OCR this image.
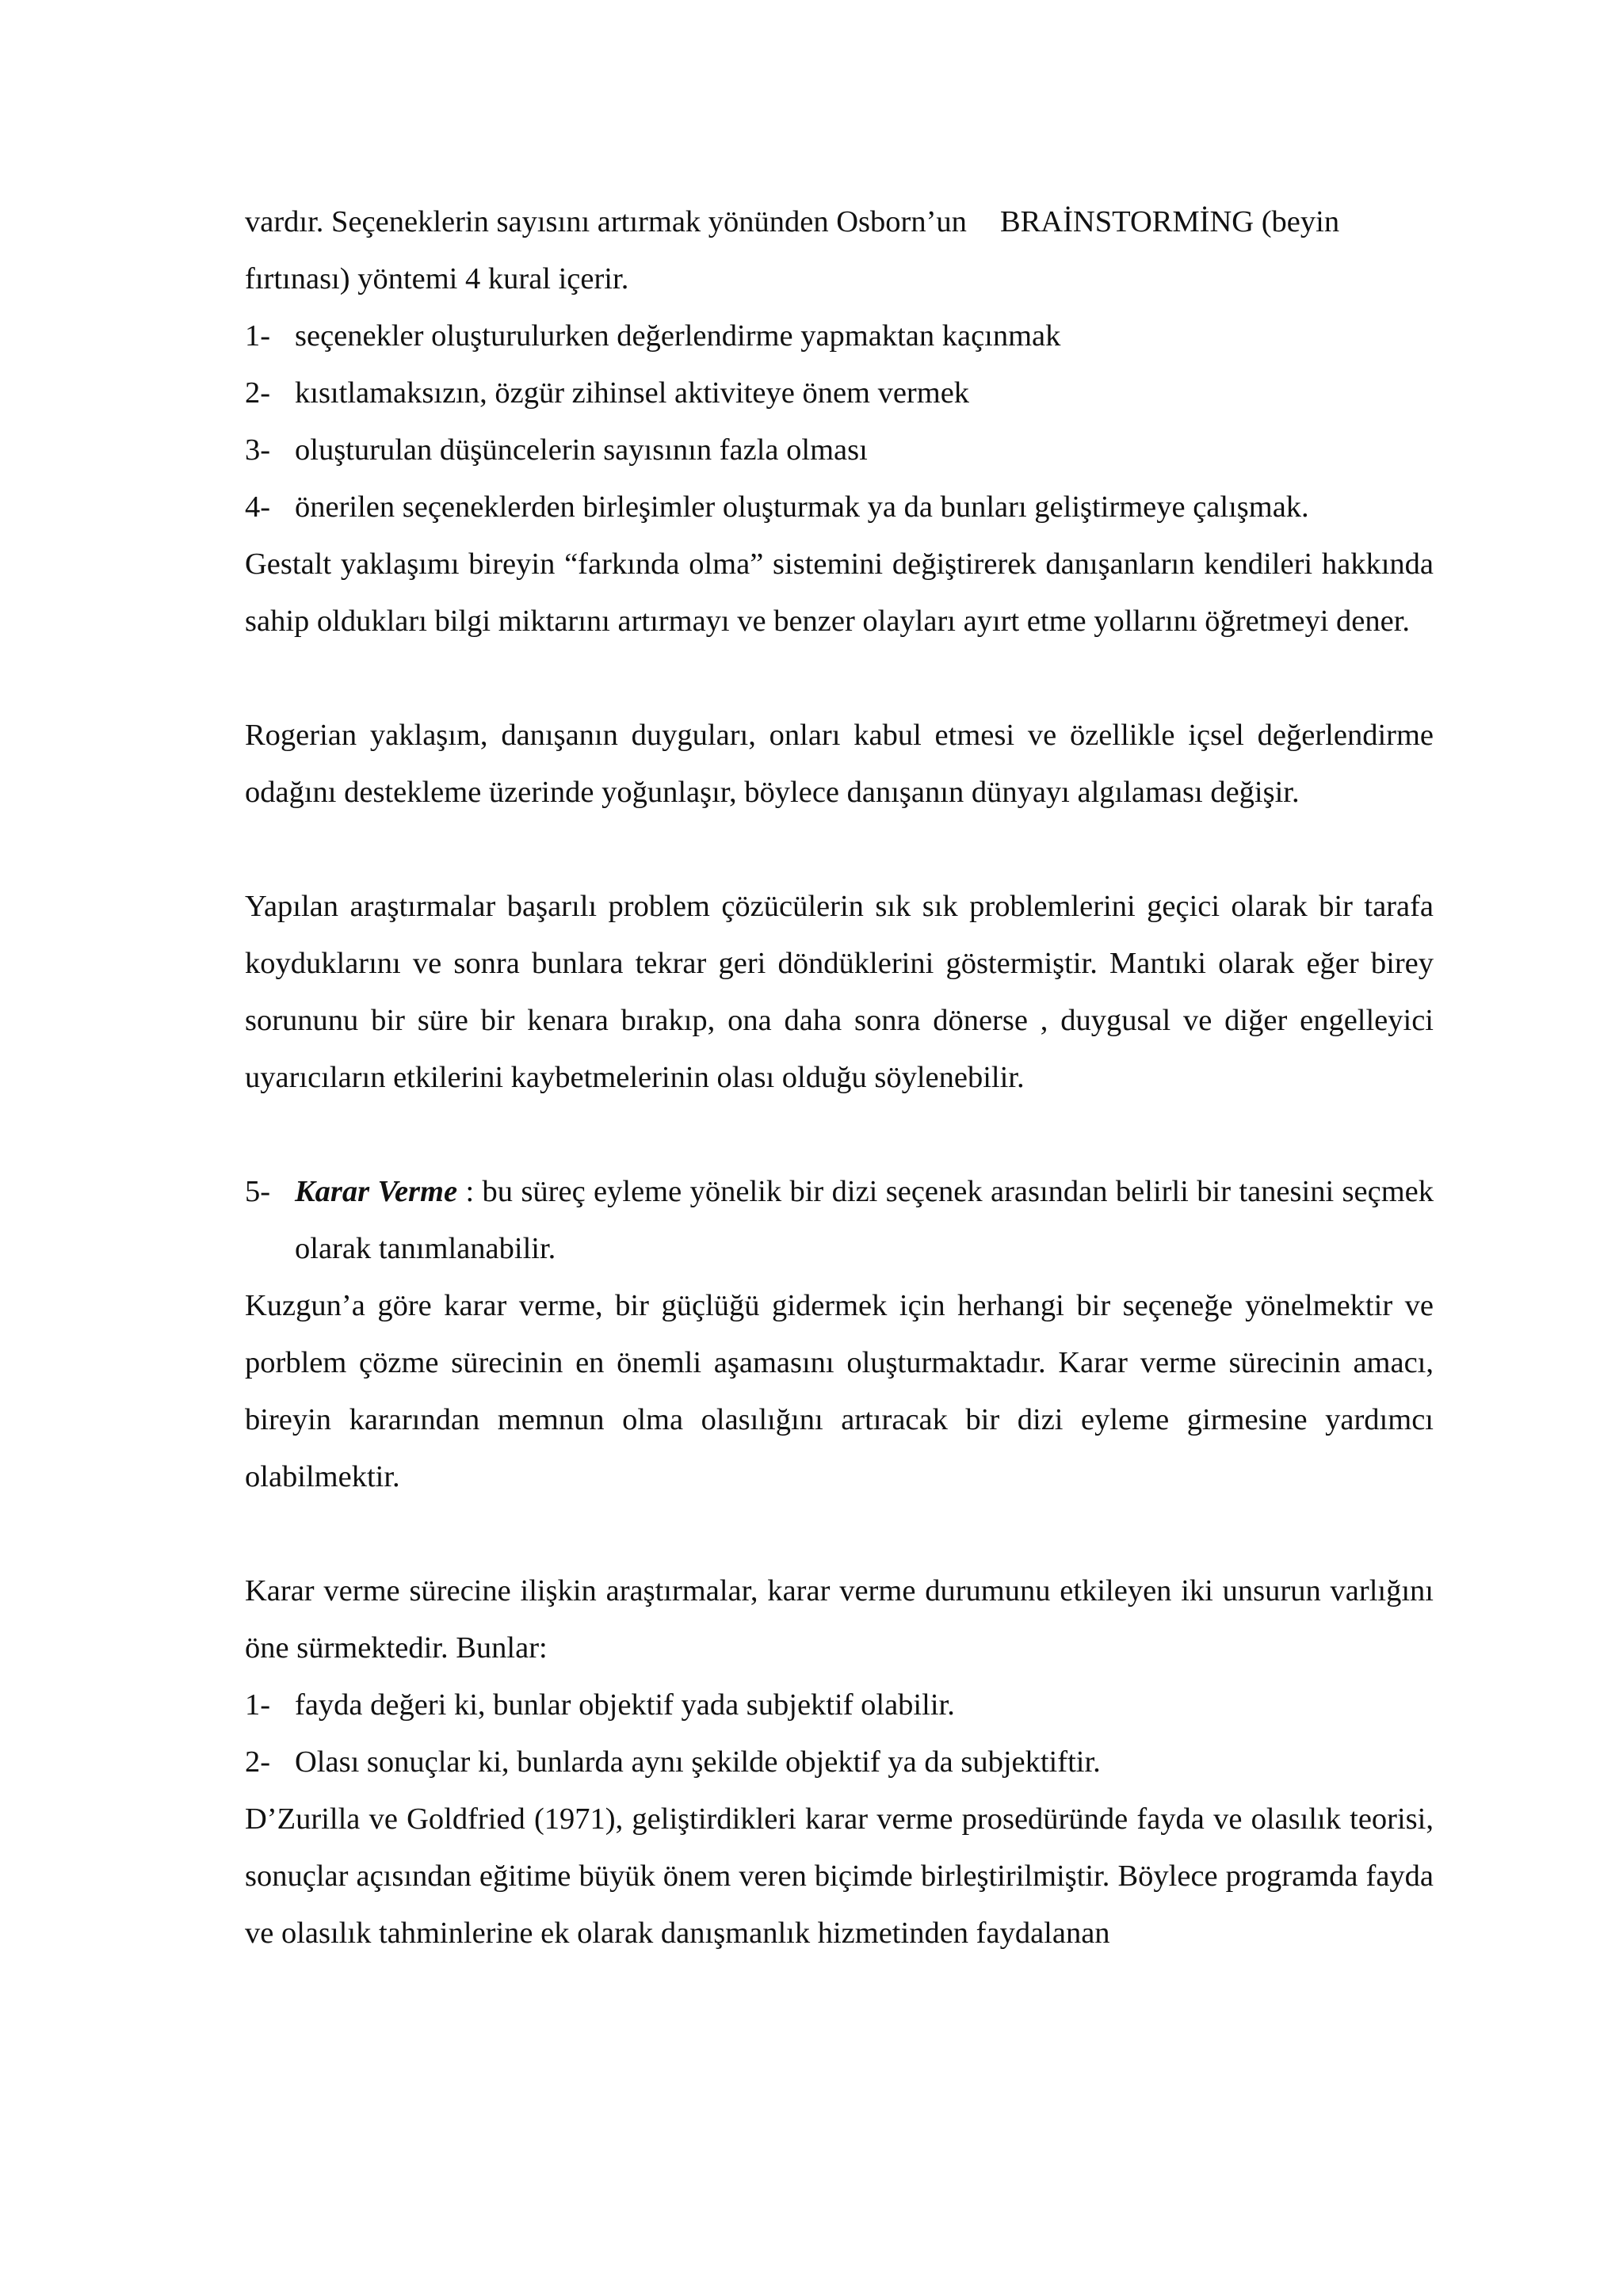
vardır. Seçeneklerin sayısını artırmak yönünden Osborn’un BRAİNSTORMİNG (beyin
fırtınası) yöntemi 4 kural içerir.

1- seçenekler oluşturulurken değerlendirme yapmaktan kaçınmak
2- kısıtlamaksızın, özgür zihinsel aktiviteye önem vermek
3- oluşturulan düşüncelerin sayısının fazla olması
4- önerilen seçeneklerden birleşimler oluşturmak ya da bunları geliştirmeye çalışmak.

Gestalt yaklaşımı bireyin “farkında olma” sistemini değiştirerek danışanların kendileri hakkında sahip oldukları bilgi miktarını artırmayı ve benzer olayları ayırt etme yollarını öğretmeyi dener.

Rogerian yaklaşım, danışanın duyguları, onları kabul etmesi ve özellikle içsel değerlendirme odağını destekleme üzerinde yoğunlaşır, böylece danışanın dünyayı algılaması değişir.

Yapılan araştırmalar başarılı problem çözücülerin sık sık problemlerini geçici olarak bir tarafa koyduklarını ve sonra bunlara tekrar geri döndüklerini göstermiştir. Mantıki olarak eğer birey sorununu bir süre bir kenara bırakıp, ona daha sonra dönerse , duygusal ve diğer engelleyici uyarıcıların etkilerini kaybetmelerinin olası olduğu söylenebilir.

5- Karar Verme : bu süreç eyleme yönelik bir dizi seçenek arasından belirli bir tanesini seçmek olarak tanımlanabilir.

Kuzgun’a göre karar verme, bir güçlüğü gidermek için herhangi bir seçeneğe yönelmektir ve porblem çözme sürecinin en önemli aşamasını oluşturmaktadır. Karar verme sürecinin amacı, bireyin kararından memnun olma olasılığını artıracak bir dizi eyleme girmesine yardımcı olabilmektir.

Karar verme sürecine ilişkin araştırmalar, karar verme durumunu etkileyen iki unsurun varlığını öne sürmektedir. Bunlar:

1- fayda değeri ki, bunlar objektif yada subjektif olabilir.
2- Olası sonuçlar ki, bunlarda aynı şekilde objektif ya da subjektiftir.

D’Zurilla ve Goldfried (1971), geliştirdikleri karar verme prosedüründe fayda ve olasılık teorisi, sonuçlar açısından eğitime büyük önem veren biçimde birleştirilmiştir. Böylece programda fayda ve olasılık tahminlerine ek olarak danışmanlık hizmetinden faydalanan
